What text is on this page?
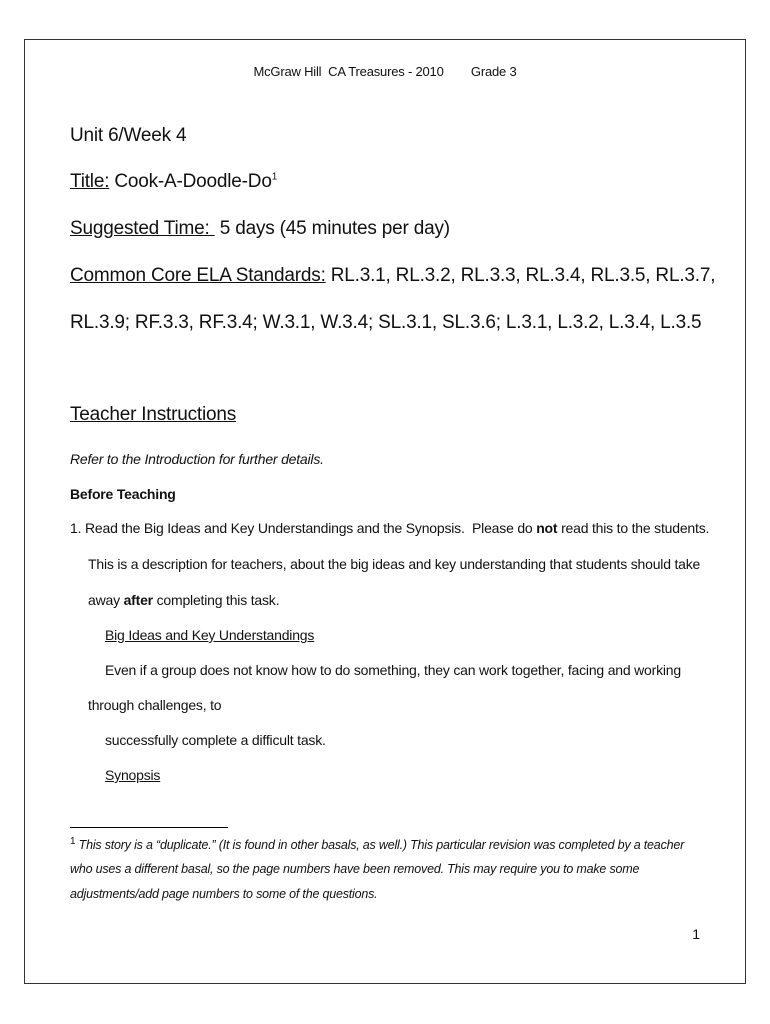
McGraw Hill  CA Treasures - 2010 Grade 3
Unit 6/Week 4
Title: Cook-A-Doodle-Do$^1$
Suggested Time:  5 days (45 minutes per day)
Common Core ELA Standards: RL.3.1, RL.3.2, RL.3.3, RL.3.4, RL.3.5, RL.3.7,
RL.3.9; RF.3.3, RF.3.4; W.3.1, W.3.4; SL.3.1, SL.3.6; L.3.1, L.3.2, L.3.4, L.3.5
Teacher Instructions
Refer to the Introduction for further details.
Before Teaching
1. Read the Big Ideas and Key Understandings and the Synopsis.  Please do not read this to the students.
This is a description for teachers, about the big ideas and key understanding that students should take
away after completing this task.
Big Ideas and Key Understandings
Even if a group does not know how to do something, they can work together, facing and working
through challenges, to
successfully complete a difficult task.
Synopsis
$^1$ This story is a “duplicate.” (It is found in other basals, as well.) This particular revision was completed by a teacher
who uses a different basal, so the page numbers have been removed. This may require you to make some
adjustments/add page numbers to some of the questions.
1
